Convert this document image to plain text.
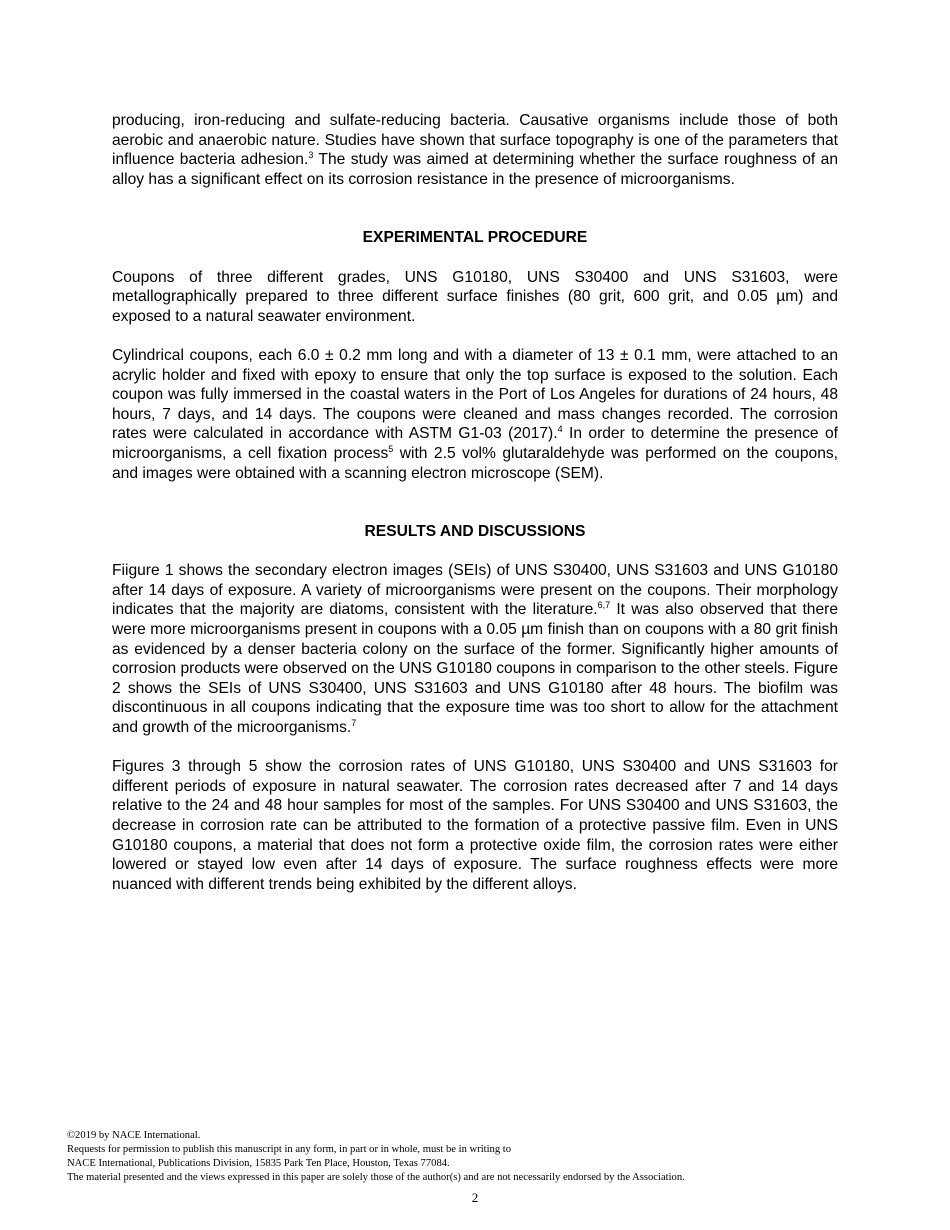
producing, iron-reducing and sulfate-reducing bacteria. Causative organisms include those of both aerobic and anaerobic nature. Studies have shown that surface topography is one of the parameters that influence bacteria adhesion.$^3$ The study was aimed at determining whether the surface roughness of an alloy has a significant effect on its corrosion resistance in the presence of microorganisms.

EXPERIMENTAL PROCEDURE

Coupons of three different grades, UNS G10180, UNS S30400 and UNS S31603, were metallographically prepared to three different surface finishes (80 grit, 600 grit, and 0.05 µm) and exposed to a natural seawater environment.

Cylindrical coupons, each 6.0 ± 0.2 mm long and with a diameter of 13 ± 0.1 mm, were attached to an acrylic holder and fixed with epoxy to ensure that only the top surface is exposed to the solution. Each coupon was fully immersed in the coastal waters in the Port of Los Angeles for durations of 24 hours, 48 hours, 7 days, and 14 days. The coupons were cleaned and mass changes recorded. The corrosion rates were calculated in accordance with ASTM G1-03 (2017).$^4$ In order to determine the presence of microorganisms, a cell fixation process$^5$ with 2.5 vol% glutaraldehyde was performed on the coupons, and images were obtained with a scanning electron microscope (SEM).

RESULTS AND DISCUSSIONS

Fiigure 1 shows the secondary electron images (SEIs) of UNS S30400, UNS S31603 and UNS G10180 after 14 days of exposure. A variety of microorganisms were present on the coupons. Their morphology indicates that the majority are diatoms, consistent with the literature.$^{6,7}$ It was also observed that there were more microorganisms present in coupons with a 0.05 µm finish than on coupons with a 80 grit finish as evidenced by a denser bacteria colony on the surface of the former. Significantly higher amounts of corrosion products were observed on the UNS G10180 coupons in comparison to the other steels. Figure 2 shows the SEIs of UNS S30400, UNS S31603 and UNS G10180 after 48 hours. The biofilm was discontinuous in all coupons indicating that the exposure time was too short to allow for the attachment and growth of the microorganisms.$^7$

Figures 3 through 5 show the corrosion rates of UNS G10180, UNS S30400 and UNS S31603 for different periods of exposure in natural seawater. The corrosion rates decreased after 7 and 14 days relative to the 24 and 48 hour samples for most of the samples. For UNS S30400 and UNS S31603, the decrease in corrosion rate can be attributed to the formation of a protective passive film. Even in UNS G10180 coupons, a material that does not form a protective oxide film, the corrosion rates were either lowered or stayed low even after 14 days of exposure. The surface roughness effects were more nuanced with different trends being exhibited by the different alloys.

©2019 by NACE International.
Requests for permission to publish this manuscript in any form, in part or in whole, must be in writing to
NACE International, Publications Division, 15835 Park Ten Place, Houston, Texas 77084.
The material presented and the views expressed in this paper are solely those of the author(s) and are not necessarily endorsed by the Association.
2
